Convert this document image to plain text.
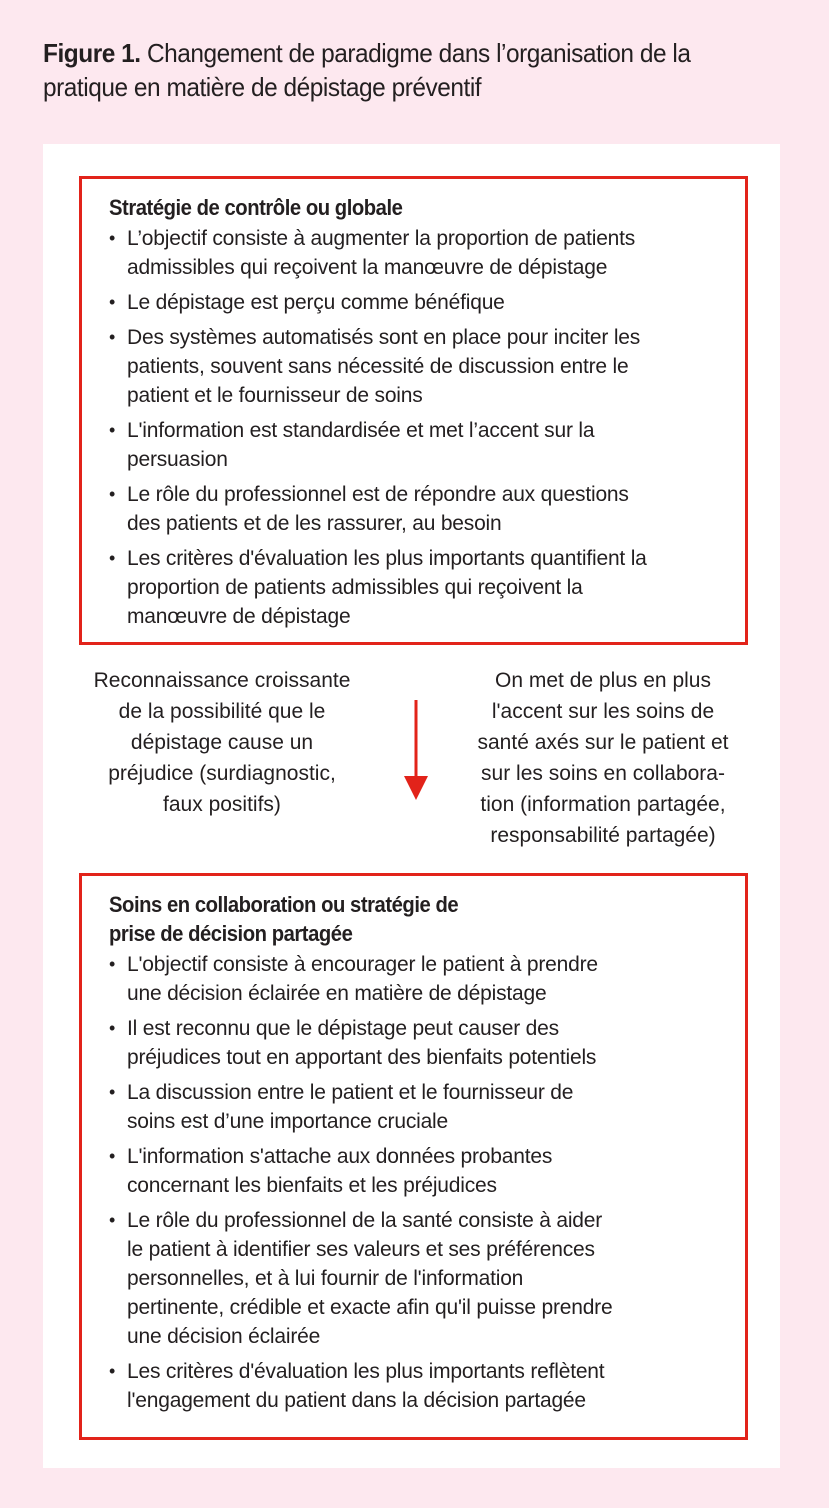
Figure 1. Changement de paradigme dans l’organisation de la
pratique en matière de dépistage préventif
Stratégie de contrôle ou globale
• L’objectif consiste à augmenter la proportion de patients
admissibles qui reçoivent la manœuvre de dépistage
• Le dépistage est perçu comme bénéfique
• Des systèmes automatisés sont en place pour inciter les
patients, souvent sans nécessité de discussion entre le
patient et le fournisseur de soins
• L'information est standardisée et met l’accent sur la
persuasion
• Le rôle du professionnel est de répondre aux questions
des patients et de les rassurer, au besoin
• Les critères d'évaluation les plus importants quantifient la
proportion de patients admissibles qui reçoivent la
manœuvre de dépistage
Reconnaissance croissante
de la possibilité que le
dépistage cause un
préjudice (surdiagnostic,
faux positifs)
On met de plus en plus
l'accent sur les soins de
santé axés sur le patient et
sur les soins en collabora-
tion (information partagée,
responsabilité partagée)
Soins en collaboration ou stratégie de
prise de décision partagée
• L'objectif consiste à encourager le patient à prendre
une décision éclairée en matière de dépistage
• Il est reconnu que le dépistage peut causer des
préjudices tout en apportant des bienfaits potentiels
• La discussion entre le patient et le fournisseur de
soins est d’une importance cruciale
• L'information s'attache aux données probantes
concernant les bienfaits et les préjudices
• Le rôle du professionnel de la santé consiste à aider
le patient à identifier ses valeurs et ses préférences
personnelles, et à lui fournir de l'information
pertinente, crédible et exacte afin qu'il puisse prendre
une décision éclairée
• Les critères d'évaluation les plus importants reflètent
l'engagement du patient dans la décision partagée
